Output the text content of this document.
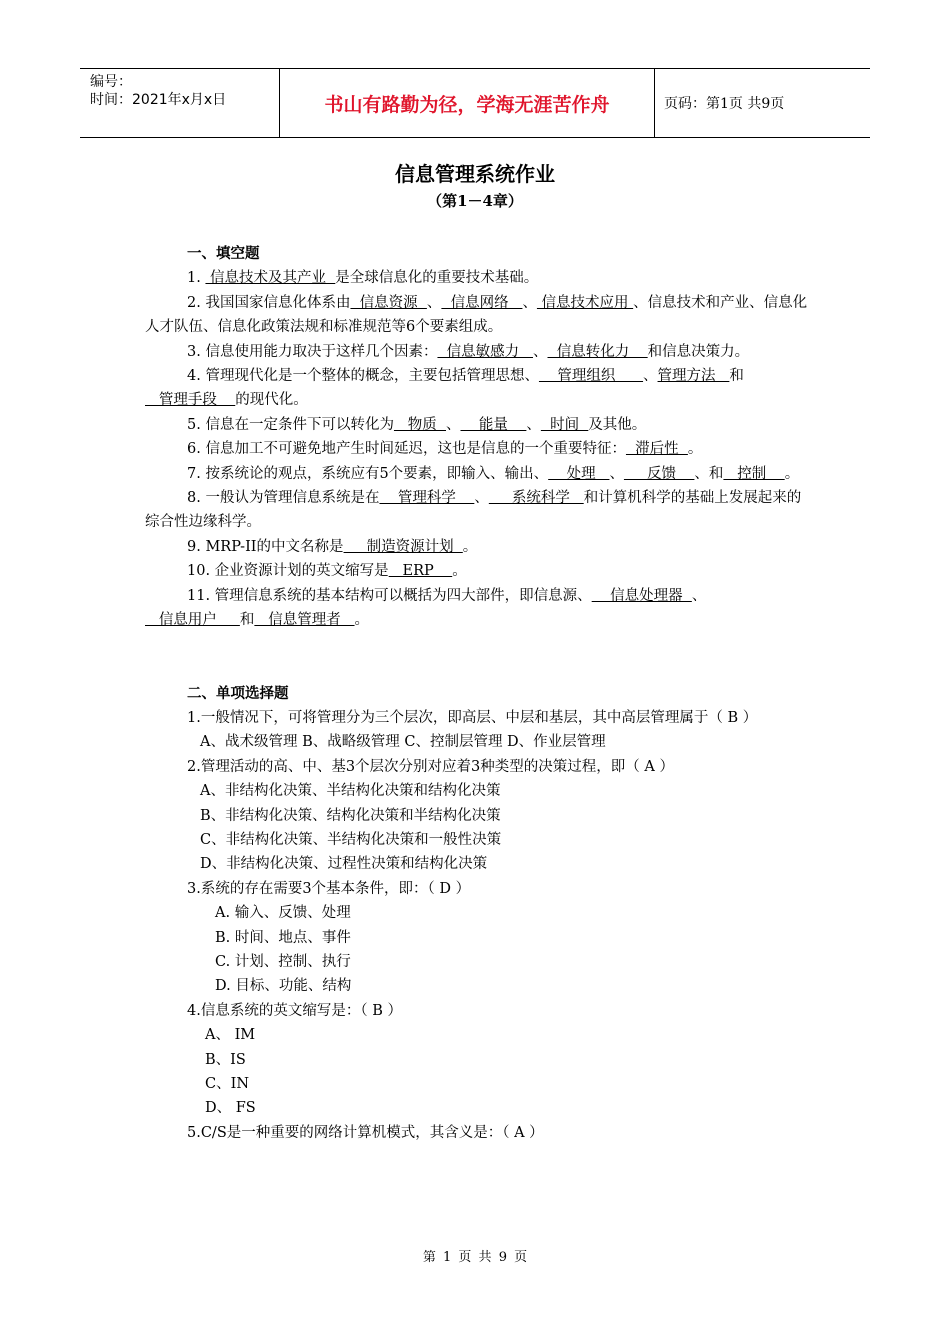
编号：
时间：2021年x月x日	书山有路勤为径，学海无涯苦作舟	页码：第1页 共9页
信息管理系统作业
（第1－4章）

一、填空题

1.  信息技术及其产业  是全球信息化的重要技术基础。

2. 我国国家信息化体系由  信息资源  、  信息网络   、 信息技术应用 、信息技术和产业、信息化人才队伍、信息化政策法规和标准规范等6个要素组成。

3. 信息使用能力取决于这样几个因素：  信息敏感力   、  信息转化力    和信息决策力。

4. 管理现代化是一个整体的概念，主要包括管理思想、    管理组织      、管理方法   和   管理手段    的现代化。

5. 信息在一定条件下可以转化为   物质  、    能量    、  时间  及其他。

6. 信息加工不可避免地产生时间延迟，这也是信息的一个重要特征：  滞后性  。

7. 按系统论的观点，系统应有5个要素，即输入、输出、    处理   、     反馈    、和   控制    。

8. 一般认为管理信息系统是在    管理科学    、     系统科学   和计算机科学的基础上发展起来的综合性边缘科学。

9. MRP-II的中文名称是     制造资源计划  。

10. 企业资源计划的英文缩写是   ERP    。

11. 管理信息系统的基本结构可以概括为四大部件，即信息源、    信息处理器  、   信息用户     和   信息管理者   。

二、单项选择题

1.一般情况下，可将管理分为三个层次，即高层、中层和基层，其中高层管理属于（ B ）

A、战术级管理 B、战略级管理 C、控制层管理 D、作业层管理

2.管理活动的高、中、基3个层次分别对应着3种类型的决策过程，即（ A ）

A、非结构化决策、半结构化决策和结构化决策

B、非结构化决策、结构化决策和半结构化决策

C、非结构化决策、半结构化决策和一般性决策

D、非结构化决策、过程性决策和结构化决策

3.系统的存在需要3个基本条件，即：（ D ）

A. 输入、反馈、处理

B. 时间、地点、事件

C. 计划、控制、执行

D. 目标、功能、结构

4.信息系统的英文缩写是：（ B ）

A、 IM

B、IS

C、IN

D、 FS

5.C/S是一种重要的网络计算机模式，其含义是：（ A ）

第 1 页 共 9 页
